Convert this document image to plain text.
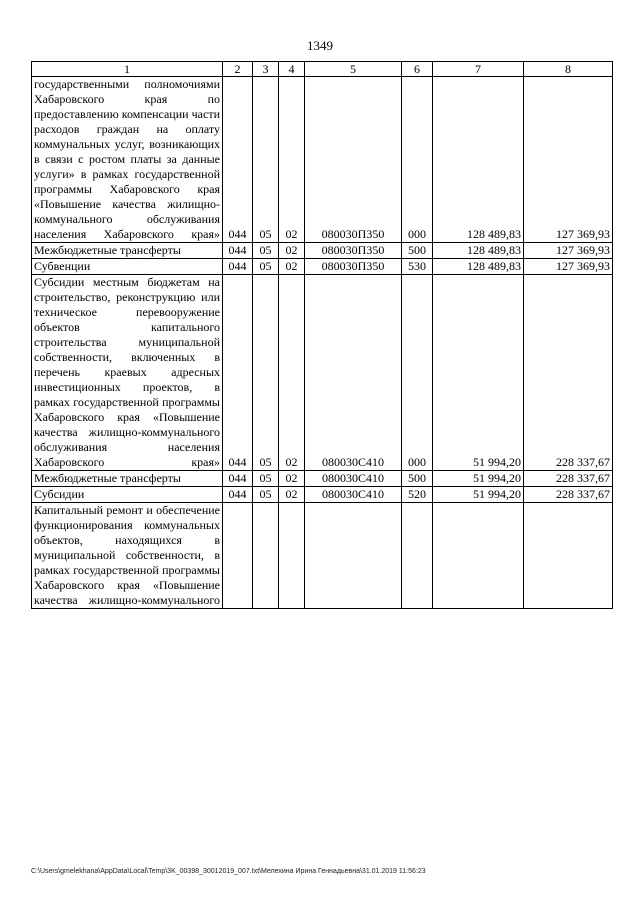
1349
1	2	3	4	5	6	7	8
государственными полномочиями Хабаровского края по предоставлению компенсации части расходов граждан на оплату коммунальных услуг, возникающих в связи с ростом платы за данные услуги» в рамках государственной программы Хабаровского края «Повышение качества жилищно-коммунального обслуживания населения Хабаровского края»	044	05	02	080030П350	000	128 489,83	127 369,93
Межбюджетные трансферты	044	05	02	080030П350	500	128 489,83	127 369,93
Субвенции	044	05	02	080030П350	530	128 489,83	127 369,93
Субсидии местным бюджетам на строительство, реконструкцию или техническое перевооружение объектов капитального строительства муниципальной собственности, включенных в перечень краевых адресных инвестиционных проектов, в рамках государственной программы Хабаровского края «Повышение качества жилищно-коммунального обслуживания населения Хабаровского края»	044	05	02	080030С410	000	51 994,20	228 337,67
Межбюджетные трансферты	044	05	02	080030С410	500	51 994,20	228 337,67
Субсидии	044	05	02	080030С410	520	51 994,20	228 337,67
Капитальный ремонт и обеспечение функционирования коммунальных объектов, находящихся в муниципальной собственности, в рамках государственной программы Хабаровского края «Повышение качества жилищно-коммунального							
C:\Users\gmelekhana\AppData\Local\Temp\3K_00398_30012019_007.txt\Мелехина Ирина Геннадьевна\31.01.2019 11:56:23
